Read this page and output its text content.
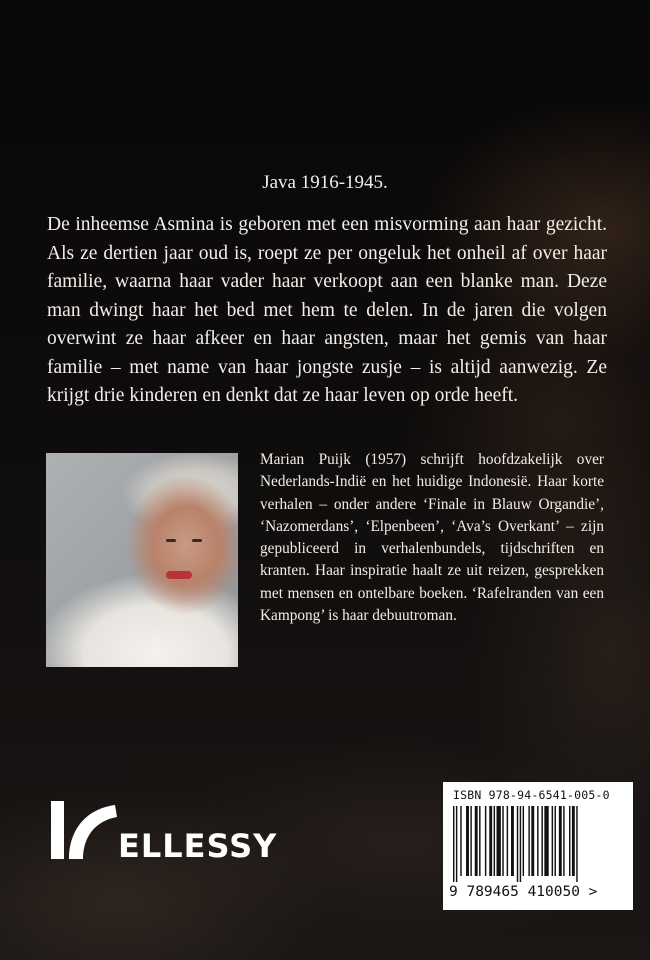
Java 1916-1945.

De inheemse Asmina is geboren met een misvorming aan haar gezicht. Als ze dertien jaar oud is, roept ze per ongeluk het onheil af over haar familie, waarna haar vader haar verkoopt aan een blanke man. Deze man dwingt haar het bed met hem te delen. In de jaren die volgen overwint ze haar afkeer en haar angsten, maar het gemis van haar familie – met name van haar jongste zusje – is altijd aanwezig. Ze krijgt drie kinderen en denkt dat ze haar leven op orde heeft.

Marian Puijk (1957) schrijft hoofdzakelijk over Nederlands-Indië en het huidige Indonesië. Haar korte verhalen – onder andere ‘Finale in Blauw Organdie’, ‘Nazomerdans’, ‘Elpenbeen’, ‘Ava’s Overkant’ – zijn gepubliceerd in verhalenbundels, tijdschriften en kranten. Haar inspiratie haalt ze uit reizen, gesprekken met mensen en ontelbare boeken. ‘Rafelranden van een Kampong’ is haar debuutroman.

ELLESSY
ISBN 978-94-6541-005-0
9 789465 410050 >
